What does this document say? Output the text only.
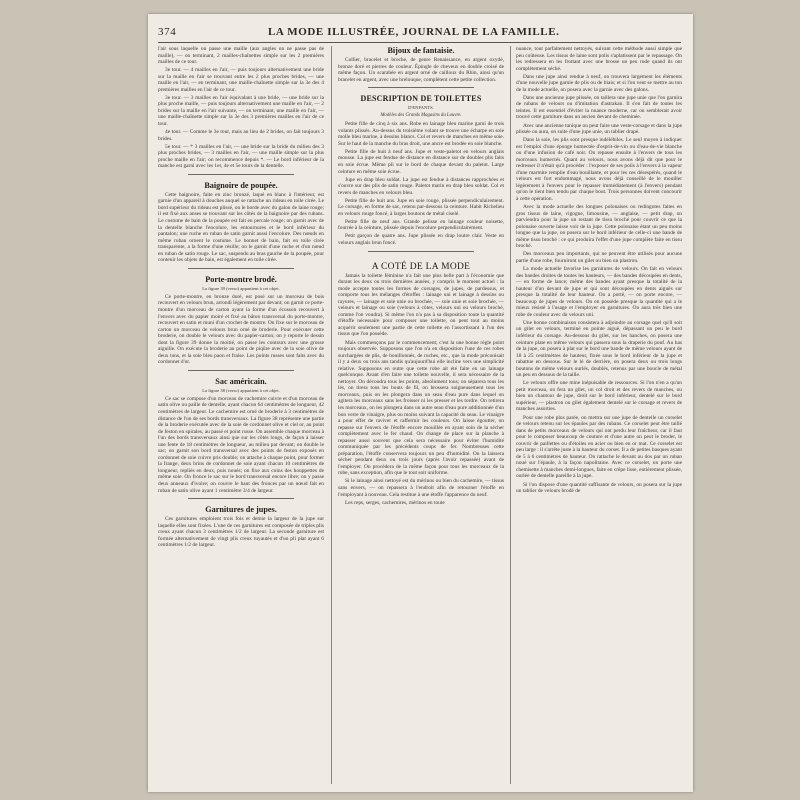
374	LA MODE ILLUSTRÉE, JOURNAL DE LA FAMILLE.

l'air sous laquelle on passe une maille (aux angles on ne passe pas de maille), — on terminant, 2 mailles-chaînettes simple sur les 2 premières mailles de ce tour.

3e tour. — 4 mailles en l'air, — puis toujours alternativement une bride sur la maille en l'air se trouvant entre les 2 plus proches brides, — une maille en l'air, — en terminant, une maille-chaînette simple sur la 3e des 4 premières mailles en l'air de ce tour.

3e tour. — 3 mailles en l'air équivalant à une bride, — une bride sur la plus proche maille, — puis toujours alternativement une maille en l'air, — 2 brides sur la maille en l'air suivante, — on terminant, une maille en l'air, — une maille-chaînette simple sur la 3e des 3 premières mailles en l'air de ce tour.

4e tour. — Comme le 3e tour, mais au lieu de 2 brides, on fait toujours 3 brides.

5e tour. — * 3 mailles en l'air, — une bride sur la bride du milieu des 3 plus proches brides, — 3 mailles en l'air, — une maille simple sur la plus proche maille en l'air; on recommence depuis *. — Le bord inférieur de la manche est garni avec les 1er, 4e et 5e tours de la dentelle.

Baignoire de poupée.

Cette baignoire, faite en zinc bronzé, laqué en blanc à l'intérieur, est garnie d'un appareil à douches auquel se rattache un rideau en toile cirée. Le bord supérieur du rideau est plissé, on le borde avec du galon de laine rouge; il est fixé aux anses se trouvant sur les côtés de la baignoire par des rubans. Le costume de bain de la poupée est fait en percale rouge; on garnit avec de la dentelle blanche l'encolure, les entournures et le bord inférieur du pantalon; une ruche en ruban de satin garnit aussi l'encolure. Des nœuds en même ruban ornent le costume. Le bonnet de bain, fait en toile cirée transparente, a la forme d'une résille; on le garnit d'une ruche et d'un nœud en ruban de satin rouge. Le sac, suspendu au bras gauche de la poupée, pour contenir les objets de bain, est également en toile cirée.

Porte-montre brodé.

La figure 39 (verso) appartient à cet objet.

Ce porte-montre, en bronze doré, est posé sur un morceau de bois recouvert en velours brun, arrondi légèrement par devant; on garnit ce porte-montre d'un morceau de carton ayant la forme d'un écusson recouvert à l'envers avec du papier moiré et fixé au bâton transversal du porte-montre, recouvert en satin et muni d'un crochet de montre. On fixe sur le morceau de carton un morceau de velours brun orné de broderie. Pour exécuter cette broderie, on double le velours avec du papier-carton; on y reporte le dessin dont la figure 39 donne la moitié, on passe les contours avec une grosse aiguille. On exécute la broderie au point de piqûre avec de la soie olive de deux tons, et la soie bleu paon et fraise. Les points russes sont faits avec du cordonnet d'or.

Sac américain.

La figure 38 (verso) appartient à cet objet.

Ce sac se compose d'un morceau de cachemire cuivre et d'un morceau de satin olive ou paille de dentelle, ayant chacun 64 centimètres de longueur, 42 centimètres de largeur. Le cachemire est orné de broderie à 3 centimètres de distance de l'un de ses bords transversaux. La figure 38 représente une partie de la broderie exécutée avec de la soie de cordonnet olive et ciel or, au point de feston en spirales, au passé et point russe. On assemble chaque morceau à l'un des bords transversaux ainsi que sur les côtés longs, de façon à laisser une fente de 18 centimètres de longueur, au milieu par devant; on double le sac; on garnit son bord transversal avec des points de feston exposés en cordonnet de soie cuivre pris double; on attache à chaque point, pour former la frange, deux brins de cordonnet de soie ayant chacun 10 centimètres de longueur, repliés en deux, puis noués; on fixe aux coins des houppettes de même soie. On fronce le sac sur le bord transversal encore libre; on y passe deux anneaux d'ivoire; on couvre le haut des fronces par un nœud fait en ruban de satin olive ayant 1 centimètre 3/4 de largeur.

Garnitures de jupes.

Ces garnitures emploient trois fois et demie la largeur de la jupe sur laquelle elles sont fixées. L'une de ces garnitures est composée de triples plis creux ayant chacun 3 centimètres 1/2 de largeur. La seconde garniture est formée alternativement de vingt plis creux tuyautés et d'un pli plat ayant 6 centimètres 1/2 de largeur.

Bijoux de fantaisie.

Collier, bracelet et broche, de genre Renaissance, en argent oxydé, bronze doré et pierres de couleur. Épingle de cheveux en double croisé de même façon. Un scarabée en argent orné de cailloux du Rhin, ainsi qu'un bracelet en argent, avec une brelouque, complètent cette petite collection.

DESCRIPTION DE TOILETTES

D'ENFANTS.

Modèles des Grands Magasins du Louvre.

Petite fille de cinq à six ans. Robe en lainage bleu marine garni de trois volants plissés. Au-dessus du troisième volant se trouve une écharpe en soie molle bleu marine, à dessins blancs. Col et revers de manches en même soie. Sur le haut de la manche du bras droit, une ancre est brodée en soie blanche.

Petite fille de huit à neuf ans. Jupe et veste-paletot en velours anglais mousse. La jupe est fendue de distance en distance sur de doubles plis faits en soie écrue. Même pli sur le bord de chaque devant du paletot. Large ceinture en même soie écrue.

Jupe en drap bleu soldat. La jupe est fendue à distances rapprochées et s'ouvre sur des plis de satin rouge. Paletot marin en drap bleu soldat. Col et revers de manches en velours bleu.

Petite fille de huit ans. Jupe en soie rouge, plissée perpendiculairement. Le corsage, en forme de sac, retenu par-dessous la ceinture. Habit Richelieu en velours rouge foncé, à larges boutons de métal ciselé.

Petite fille de neuf ans. Grande pelisse en lainage couleur noisette, fourrée à la ceinture, plissée depuis l'encolure perpendiculairement.

Petit garçon de quatre ans. Jupe plissée en drap loutre clair. Veste en velours anglais brun foncé.

A COTÉ DE LA MODE

Jamais la toilette féminine n'a fait une plus belle part à l'économie que durant les deux ou trois dernières années, y compris le moment actuel : la mode accepte toutes les formes de corsages, de jupes, de pardessus, et comporte tous les mélanges d'étoffes : lainage uni et lainage à dessins ou rayures, — lainage et soie unie ou brochée, — soie unie et soie brochée, — velours et lainage ou soie (velours à côtes, velours uni ou velours broché, comme l'on voudra). Si même l'on n'a pas à sa disposition toute la quantité d'étoffe nécessaire pour composer une toilette, on peut tout au moins acquérir seulement une partie de cette toilette en l'assortissant à l'un des tissus que l'on possède.

Mais commençons par le commencement; c'est la une bonne règle point toujours observée. Supposons que l'on n'a en disposition l'une de ces robes surchargées de plis, de bouillonnés, de ruches, etc., que la mode préconisait il y a deux ou trois ans tandis qu'aujourd'hui elle incline vers une simplicité relative. Supposons en outre que cette robe ait été faite en un lainage quelconque. Avant d'en faire une toilette nouvelle, il sera nécessaire de la nettoyer. On découdra tous les points, absolument tous; on séparera tous les lés, on tirera tous les bouts de fil, on brossera soigneusement tous les morceaux, puis on les plongera dans un seau d'eau pure dans lequel on agitera les morceaux sans les froisser ni les presser et les tordre. On retirera les morceaux, on les plongera dans un autre seau d'eau pure additionnée d'un bon verre de vinaigre, plus ou moins suivant la capacité du seau. Le vinaigre a pour effet de raviver et raffermir les couleurs. On laisse égoutter, on repasse sur l'envers de l'étoffe encore mouillée en ayant soin de la sécher complètement avec le fer chaud. On change de place sur la planche à repasser aussi souvent que cela sera nécessaire pour éviter l'humidité communiquée par les précédents coups de fer. Nombreuses cette préparation, l'étoffe conservera toujours un peu d'humidité. On la laissera sécher pendant deux ou trois jours (après l'avoir repassée) avant de l'employer. On procèdera de la même façon pour tous les morceaux de la robe, sans exception, afin que le tout soit uniforme.

Si le lainage ainsi nettoyé est du mérinos ou bien du cachemire, — tissus sans envers, — on repassera à l'endroit afin de retourner l'étoffe en l'employant à nouveau. Cela restitue à une étoffe l'apparence du neuf.

Les reps, serges, cachemires, mérinos en toute

nuance, tout parfaitement nettoyés, suivant cette méthode aussi simple que peu coûteuse. Les tissus de laine sont polis s'aplatissent par le repassage. On les redressera en les frottant avec une brosse un peu rude quand ils ont complètement séché.

Dans une jupe ainsi rendue à neuf, on trouvera largement les éléments d'une nouvelle jupe garnie de plis ou de biais; et si l'on veut se mettre au ton de la mode actuelle, on posera avec la garnie avec des galons.

Dans une ancienne jupe plissée, on taillera une jupe unie que l'on garnira de rubans de velours ou d'imitation d'astrakan. Il s'en fait de toutes les teintes. Il est essentiel d'éviter la nuance moderne, car on semblerait avoir trouvé cette garniture dans un ancien devant de cheminée.

Avec une ancienne tunique on peut faire une veste-corsage et dans la jupe plissée ou aura, on suite d'une jupe unie, un tablier drapé.

Dans la soie, les plis sont presque indélébiles. Le seul moyen à indiquer est l'emploi d'une éponge humectée d'esprit-de-vin ou d'eau-de-vie blanche ou d'une infusion de café noir. On repasse ensuite à l'envers de tous les morceaux humectés. Quant au velours, nous avons déjà dit que pour le redresser il n'était qu'à procéder : l'exposer de ses poils à l'envers à la vapeur d'une marmite remplie d'eau bouillante, et pour les ces désespérés, quand le velours est fort endommagé, nous avons déjà conseillé de le mouiller légèrement à l'envers pour le repasser immédiatement (à l'envers) pendant qu'on le tient bien tendu par chaque bout. Trois personnes doivent concourir à cette opération.

Avec la mode actuelle des longues polonaises ou redingotes faites en gros tissus de laine, vigogne, limousine, — anglaise, — petit drap, on parviendra pour la jupe un restant de tissu broché pour couvrir ce que la polonaise ouverte laisse voir de la jupe. Cette polonaise étant un peu moins longue que la jupe, on posera sur le bord inférieur de celle-ci une bande de même tissu broché : ce qui produira l'effet d'une jupe complète faite en tissu broché.

Des morceaux peu importants, qui ne peuvent être utilisés pour aucune partie d'une robe, fourniront un gilet ou bien un plastron.

La mode actuelle favorise les garnitures de velours. On fait en velours des bandes droites de toutes les hauteurs, — des bandes découpées en dents, — en forme de lance; même des bandes ayant presque la totalité de la hauteur d'un devant de jupe et qui sont découpées en dents aiguës sur presque la totalité de leur hauteur. On a porté, — on porte encore, — beaucoup de jupes de velours. On en possède presque la quantité qui a le mieux résisté à l'usage et l'employer en garnitures. On aura très bien une robe de couleur avec du velours uni.

Une bonne combinaison consistera à adjoindre au corsage quel qu'il soit un gilet en velours, terminé en pointe aiguë, dépassant un peu le bord inférieur du corsage. Au-dessous du gilet, sur les hanches, on posera une ceinture plate en même velours qui passera sous la draperie du pouf. Au bas de la jupe, on posera à plat sur le bord une bande de même velours ayant de 18 à 25 centimètres de hauteur, fixée sous le bord inférieur de la jupe et rabattue en dessous. Sur le lé de derrière, on posera deux ou trois longs boutons de même velours ourlés, doublés, retenus par une boucle de métal un peu en dessous de la taille.

Le velours offre une mine inépuisable de ressources. Si l'on n'en a qu'un petit morceau, on fera un gilet, un col droit et des revers de manches, ou bien un chantour de jupe, droit sur le bord inférieur, dentelé sur le bord supérieur, — plastron ou gilet également dentelé sur le corsage et revers de manches assorties.

Pour une robe plus parée, on mettra sur une jupe de dentelle un corselet de velours retenu sur les épaules par des rubans. Ce corselet peut être taillé dans de petits morceaux de velours qui ont perdu leur fraîcheur, car il faut pour le composer beaucoup de couture et d'une autre on peut le broder, le couvrir de paillettes ou d'étoiles en acier ou bien en or mat. Ce corselet est peu large : il s'arrête juste à la hauteur du corset. Il a de petites basques ayant de 5 à 6 centimètres de hauteur. On rattache le devant au dos par un ruban noué sur l'épaule, à la façon napolitaine. Avec ce corselet, on porte une chemisette à manches demi-longues, faite en crêpe lisse, entièrement plissée, ourlée de dentelle pareille à la jupe.

Si l'on dispose d'une quantité suffisante de velours, on posera sur la jupe un tablier de velours brodé de
